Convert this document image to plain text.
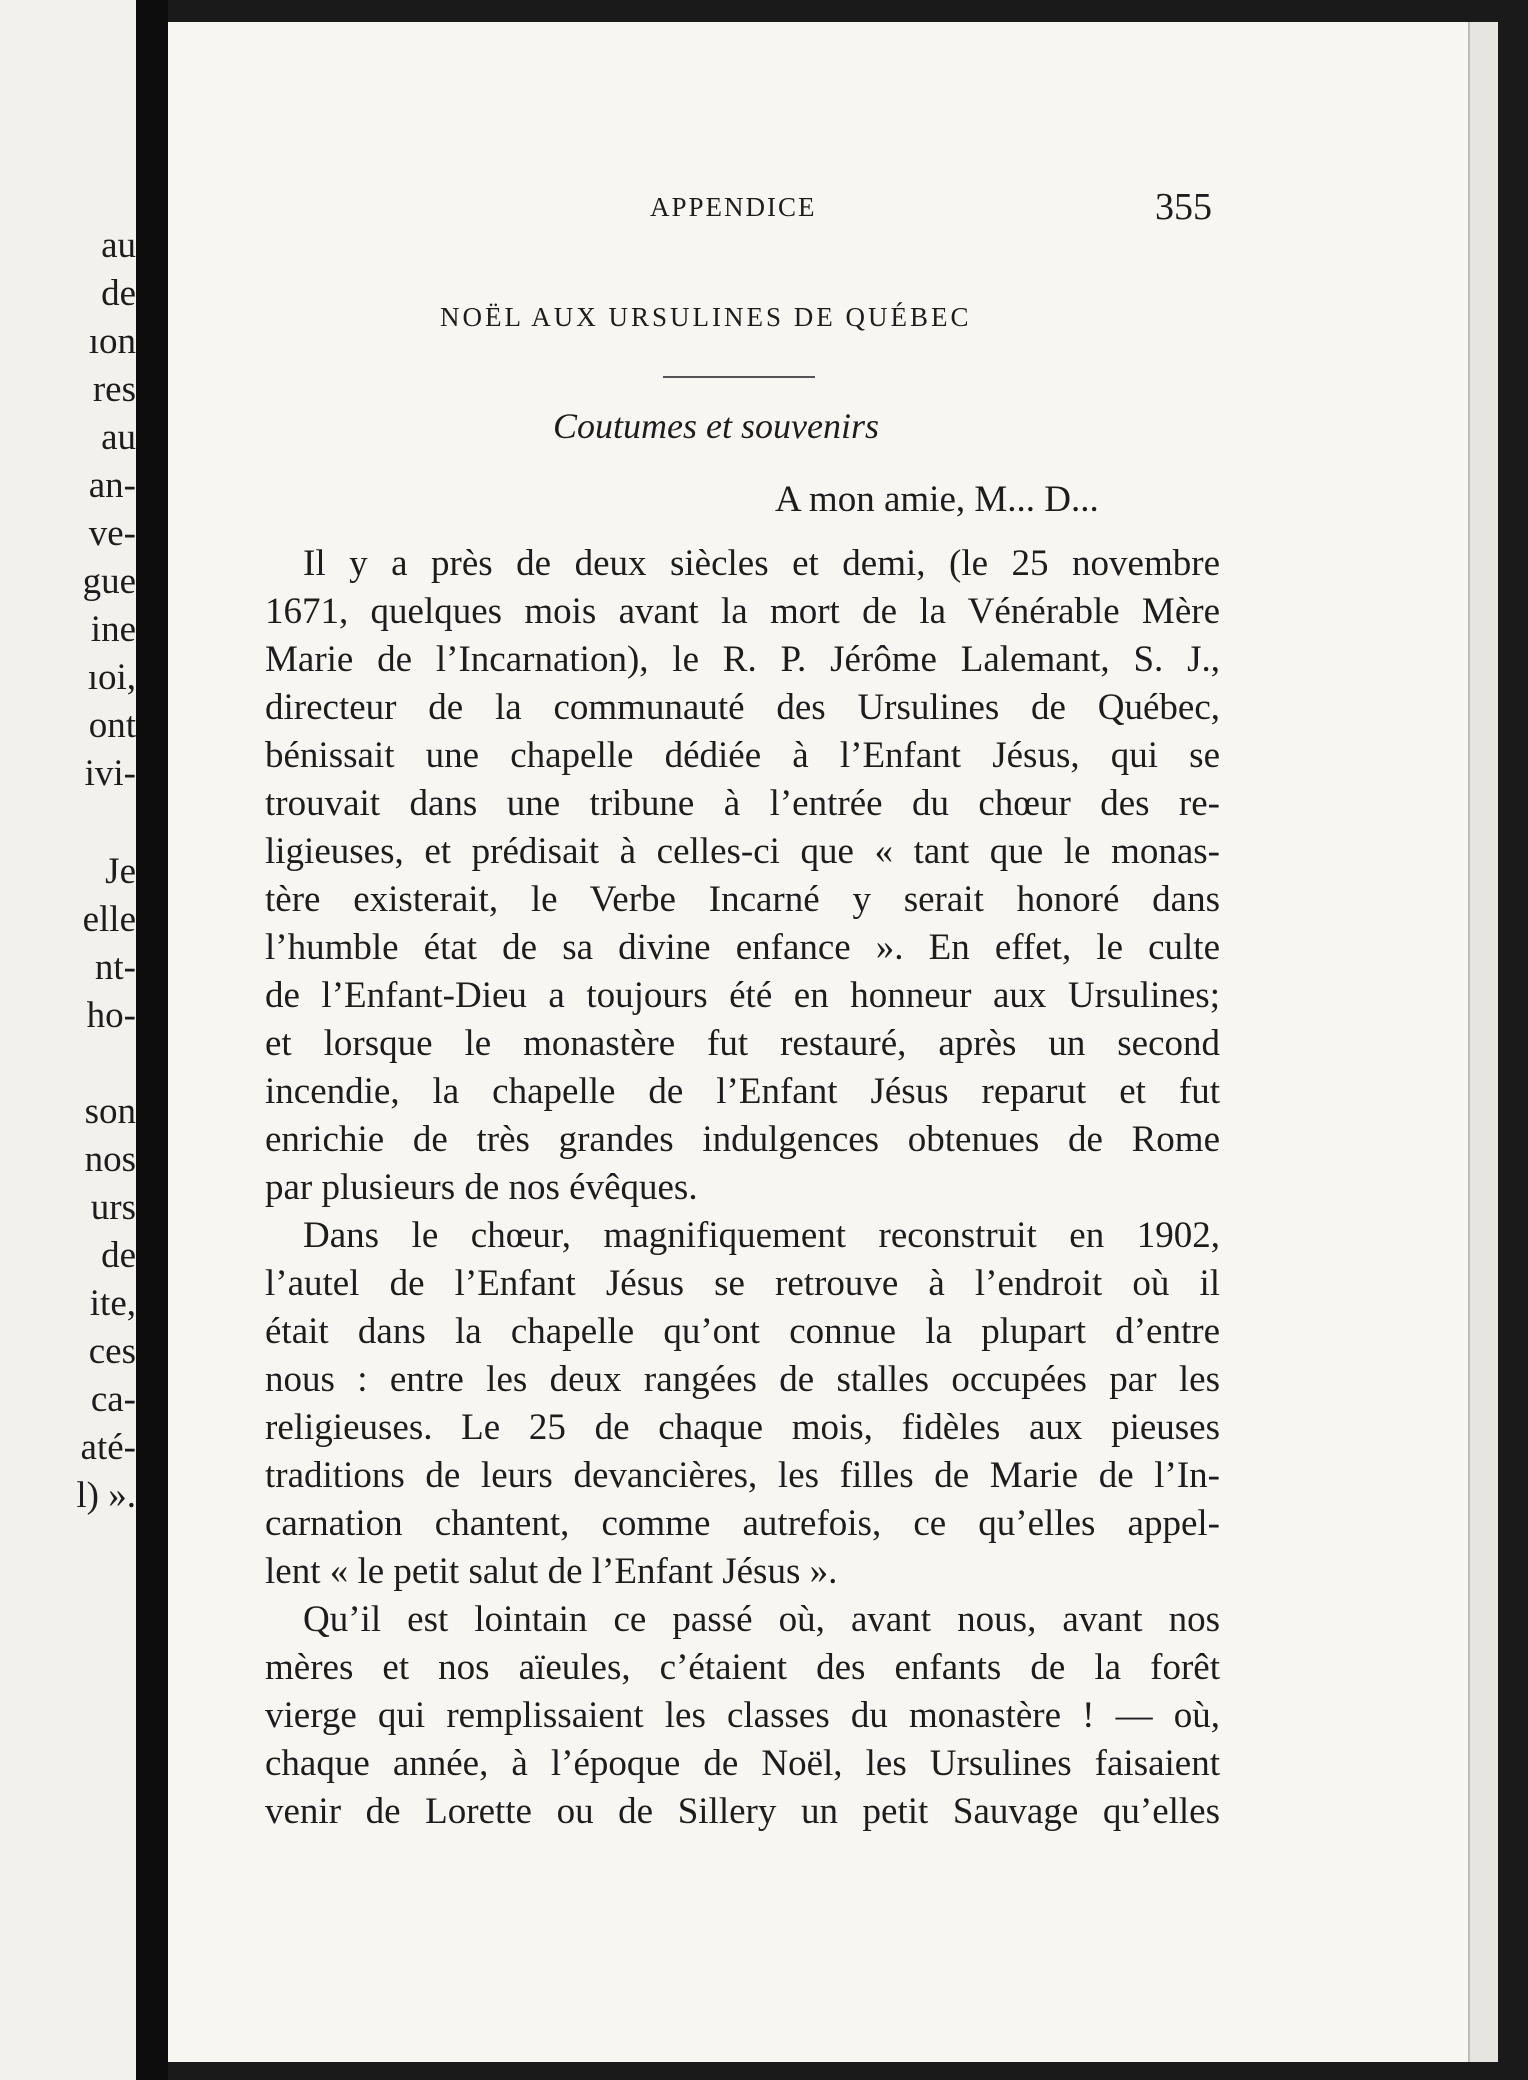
au
de
ıon
res
au
an-
ve-
gue
ine
ıoi,
ont
ivi-
Je
elle
nt-
ho-
son
nos
urs
de
ite,
ces
ca-
até-
l) ».
APPENDICE	355
NOËL AUX URSULINES DE QUÉBEC
Coutumes et souvenirs
A mon amie, M... D...
Il y a près de deux siècles et demi, (le 25 novembre
1671, quelques mois avant la mort de la Vénérable Mère
Marie de l’Incarnation), le R. P. Jérôme Lalemant, S. J.,
directeur de la communauté des Ursulines de Québec,
bénissait une chapelle dédiée à l’Enfant Jésus, qui se
trouvait dans une tribune à l’entrée du chœur des re-
ligieuses, et prédisait à celles-ci que « tant que le monas-
tère existerait, le Verbe Incarné y serait honoré dans
l’humble état de sa divine enfance ». En effet, le culte
de l’Enfant-Dieu a toujours été en honneur aux Ursulines;
et lorsque le monastère fut restauré, après un second
incendie, la chapelle de l’Enfant Jésus reparut et fut
enrichie de très grandes indulgences obtenues de Rome
par plusieurs de nos évêques.
Dans le chœur, magnifiquement reconstruit en 1902,
l’autel de l’Enfant Jésus se retrouve à l’endroit où il
était dans la chapelle qu’ont connue la plupart d’entre
nous : entre les deux rangées de stalles occupées par les
religieuses. Le 25 de chaque mois, fidèles aux pieuses
traditions de leurs devancières, les filles de Marie de l’In-
carnation chantent, comme autrefois, ce qu’elles appel-
lent « le petit salut de l’Enfant Jésus ».
Qu’il est lointain ce passé où, avant nous, avant nos
mères et nos aïeules, c’étaient des enfants de la forêt
vierge qui remplissaient les classes du monastère ! — où,
chaque année, à l’époque de Noël, les Ursulines faisaient
venir de Lorette ou de Sillery un petit Sauvage qu’elles
